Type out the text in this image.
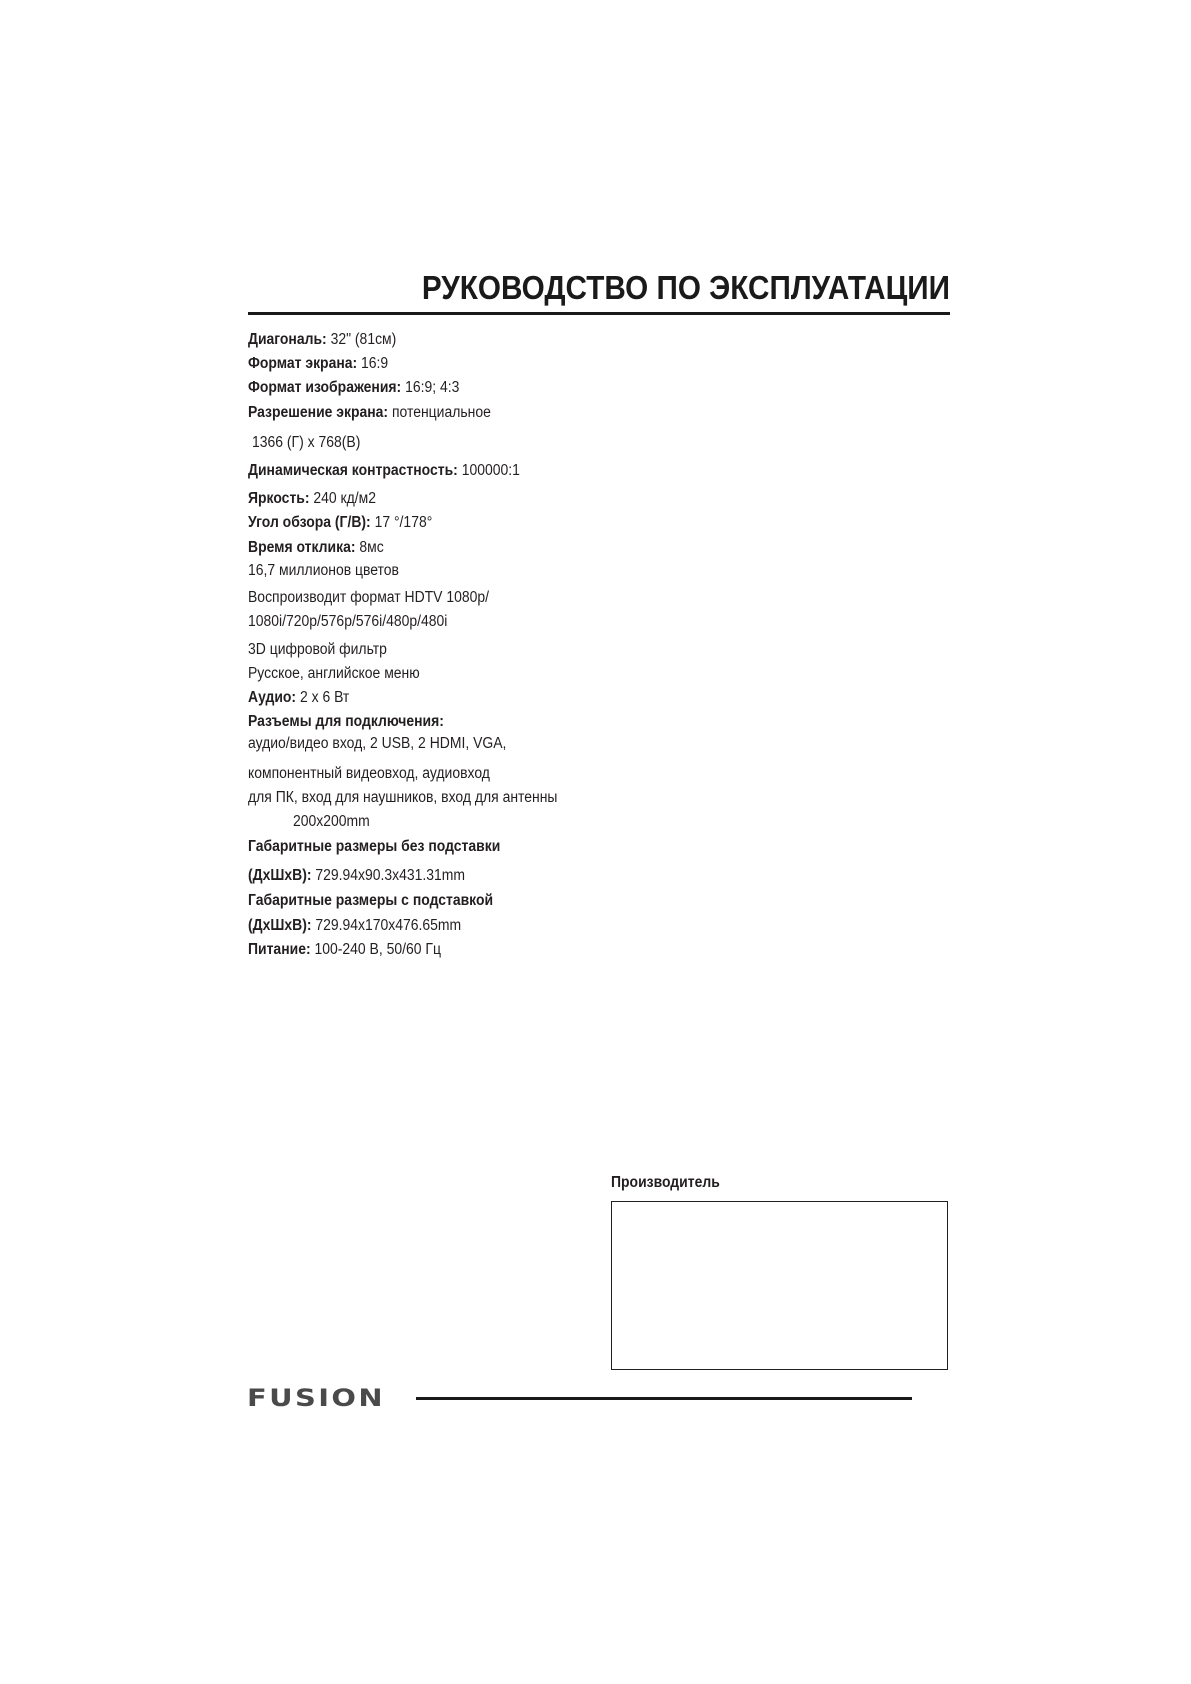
РУКОВОДСТВО ПО ЭКСПЛУАТАЦИИ
Диагональ: 32" (81см)
Формат экрана: 16:9
Формат изображения: 16:9; 4:3
Разрешение экрана: потенциальное
1366 (Г) x 768(В)
Динамическая контрастность: 100000:1
Яркость: 240 кд/м2
Угол обзора (Г/В): 17 °/178°
Время отклика: 8мс
16,7 миллионов цветов
Воспроизводит формат HDTV 1080p/
1080i/720p/576p/576i/480p/480i
3D цифровой фильтр
Русское, английское меню
Аудио: 2 х 6 Вт
Разъемы для подключения:
аудио/видео вход, 2 USB, 2 HDMI, VGA,
компонентный видеовход, аудиовход
для ПК, вход для наушников, вход для антенны
200x200mm
Габаритные размеры без подставки
(ДхШхВ): 729.94x90.3x431.31mm
Габаритные размеры с подставкой
(ДхШхВ): 729.94x170x476.65mm
Питание: 100-240 В, 50/60 Гц
Производитель
FUSION
